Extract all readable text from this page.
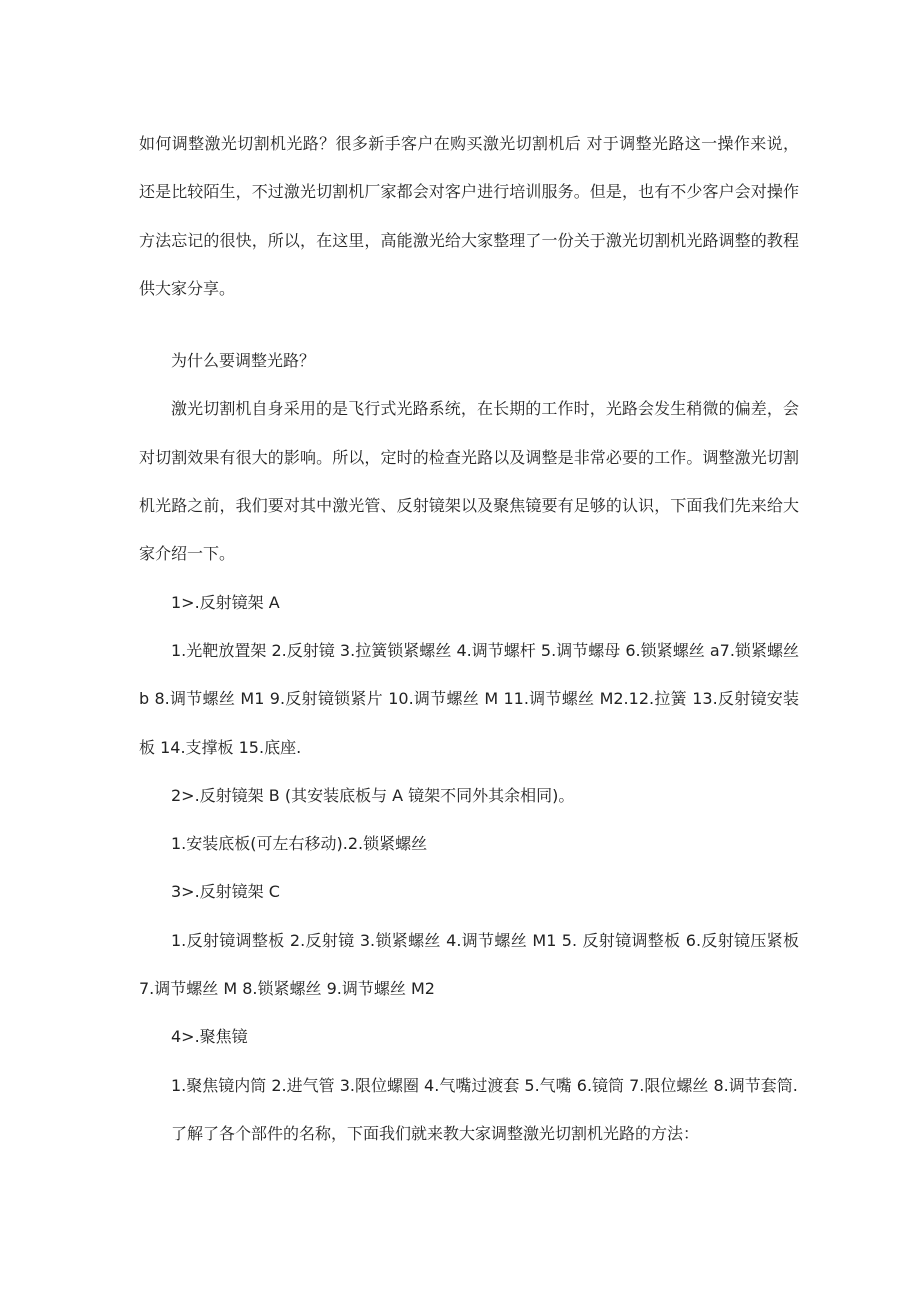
如何调整激光切割机光路？很多新手客户在购买激光切割机后 对于调整光路这一操作来说，还是比较陌生，不过激光切割机厂家都会对客户进行培训服务。但是，也有不少客户会对操作方法忘记的很快，所以，在这里，高能激光给大家整理了一份关于激光切割机光路调整的教程供大家分享。

为什么要调整光路？

激光切割机自身采用的是飞行式光路系统，在长期的工作时，光路会发生稍微的偏差，会对切割效果有很大的影响。所以，定时的检查光路以及调整是非常必要的工作。调整激光切割机光路之前，我们要对其中激光管、反射镜架以及聚焦镜要有足够的认识，下面我们先来给大家介绍一下。

1>.反射镜架 A

1.光靶放置架 2.反射镜 3.拉簧锁紧螺丝 4.调节螺杆 5.调节螺母 6.锁紧螺丝 a7.锁紧螺丝 b 8.调节螺丝 M1 9.反射镜锁紧片 10.调节螺丝 M 11.调节螺丝 M2.12.拉簧 13.反射镜安装板 14.支撑板 15.底座.

2>.反射镜架 B (其安装底板与 A 镜架不同外其余相同)。

1.安装底板(可左右移动).2.锁紧螺丝

3>.反射镜架 C

1.反射镜调整板 2.反射镜 3.锁紧螺丝 4.调节螺丝 M1 5. 反射镜调整板 6.反射镜压紧板 7.调节螺丝 M 8.锁紧螺丝 9.调节螺丝 M2

4>.聚焦镜

1.聚焦镜内筒 2.进气管 3.限位螺圈 4.气嘴过渡套 5.气嘴 6.镜筒 7.限位螺丝 8.调节套筒.

了解了各个部件的名称，下面我们就来教大家调整激光切割机光路的方法：
